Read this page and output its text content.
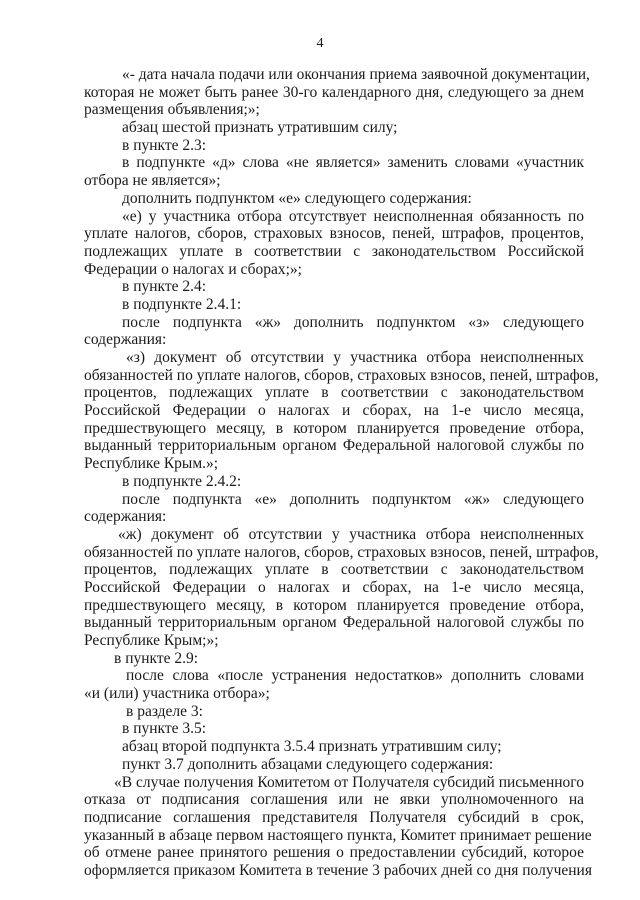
4
«- дата начала подачи или окончания приема заявочной документации,
которая не может быть ранее 30-го календарного дня, следующего за днем
размещения объявления;»;
абзац шестой признать утратившим силу;
в пункте 2.3:
в подпункте «д» слова «не является» заменить словами «участник
отбора не является»;
дополнить подпунктом «е» следующего содержания:
«е) у участника отбора отсутствует неисполненная обязанность по
уплате налогов, сборов, страховых взносов, пеней, штрафов, процентов,
подлежащих уплате в соответствии с законодательством Российской
Федерации о налогах и сборах;»;
в пункте 2.4:
в подпункте 2.4.1:
после подпункта «ж» дополнить подпунктом «з» следующего
содержания:
«з) документ об отсутствии у участника отбора неисполненных
обязанностей по уплате налогов, сборов, страховых взносов, пеней, штрафов,
процентов, подлежащих уплате в соответствии с законодательством
Российской Федерации о налогах и сборах, на 1-е число месяца,
предшествующего месяцу, в котором планируется проведение отбора,
выданный территориальным органом Федеральной налоговой службы по
Республике Крым.»;
в подпункте 2.4.2:
после подпункта «е» дополнить подпунктом «ж» следующего
содержания:
«ж) документ об отсутствии у участника отбора неисполненных
обязанностей по уплате налогов, сборов, страховых взносов, пеней, штрафов,
процентов, подлежащих уплате в соответствии с законодательством
Российской Федерации о налогах и сборах, на 1-е число месяца,
предшествующего месяцу, в котором планируется проведение отбора,
выданный территориальным органом Федеральной налоговой службы по
Республике Крым;»;
в пункте 2.9:
после слова «после устранения недостатков» дополнить словами
«и (или) участника отбора»;
в разделе 3:
в пункте 3.5:
абзац второй подпункта 3.5.4 признать утратившим силу;
пункт 3.7 дополнить абзацами следующего содержания:
«В случае получения Комитетом от Получателя субсидий письменного
отказа от подписания соглашения или не явки уполномоченного на
подписание соглашения представителя Получателя субсидий в срок,
указанный в абзаце первом настоящего пункта, Комитет принимает решение
об отмене ранее принятого решения о предоставлении субсидий, которое
оформляется приказом Комитета в течение 3 рабочих дней со дня получения
